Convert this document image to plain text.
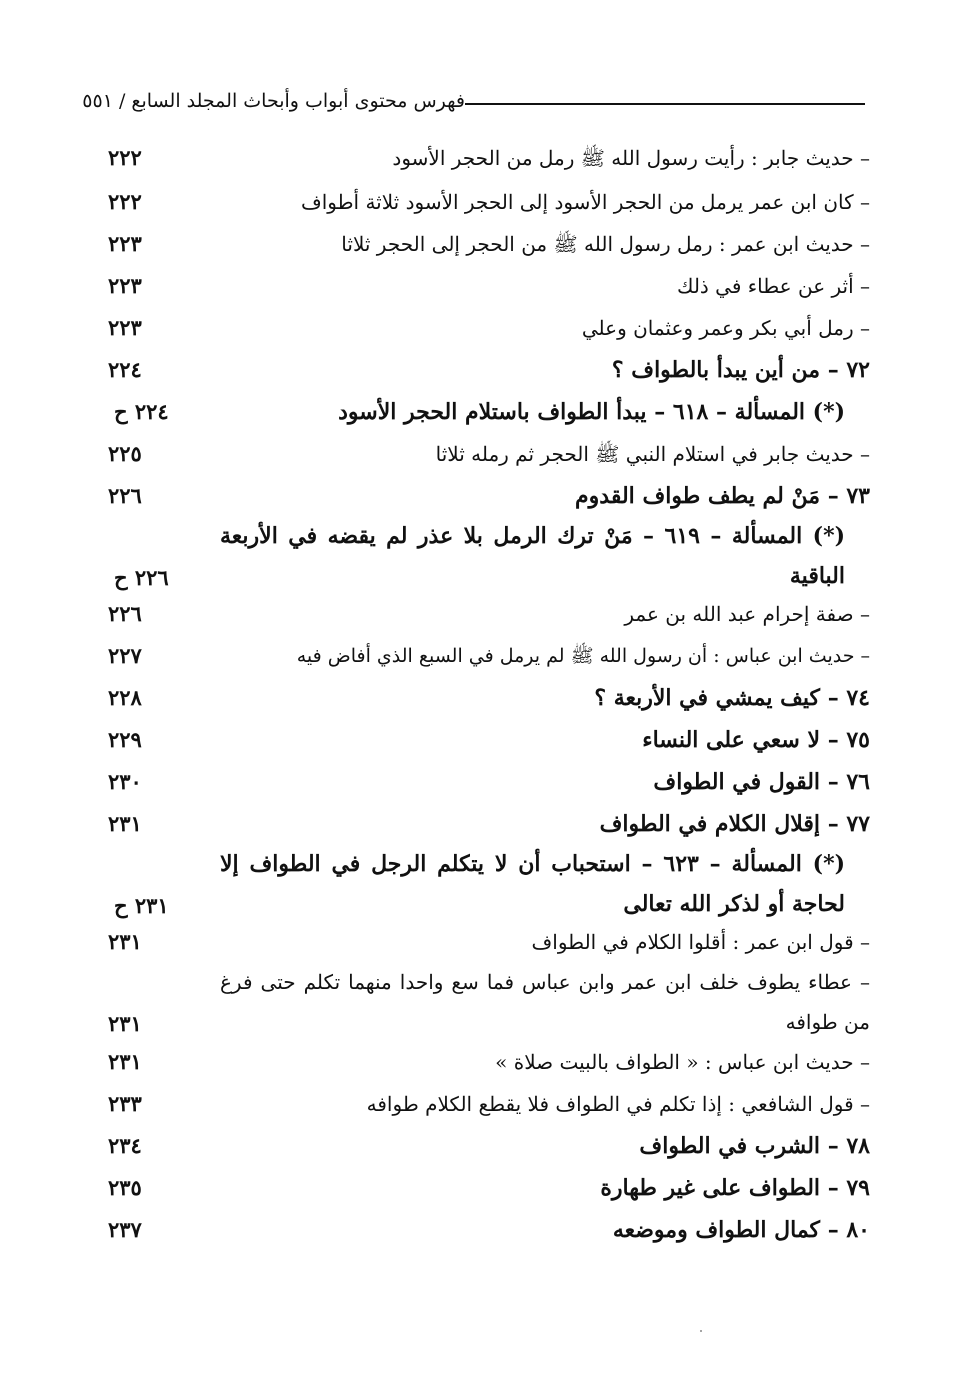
فهرس محتوى أبواب وأبحاث المجلد السابع / ٥٥١
– حديث جابر : رأيت رسول الله ﷺ رمل من الحجر الأسود
٢٢٢
– كان ابن عمر يرمل من الحجر الأسود إلى الحجر الأسود ثلاثة أطواف
٢٢٢
– حديث ابن عمر : رمل رسول الله ﷺ من الحجر إلى الحجر ثلاثا
٢٢٣
– أثر عن عطاء في ذلك
٢٢٣
– رمل أبي بكر وعمر وعثمان وعلي
٢٢٣
٧٢ – من أين يبدأ بالطواف ؟
٢٢٤
(*) المسألة – ٦١٨ – يبدأ الطواف باستلام الحجر الأسود
٢٢٤ ح
– حديث جابر في استلام النبي ﷺ الحجر ثم رمله ثلاثا
٢٢٥
٧٣ – مَنْ لم يطف طواف القدوم
٢٢٦
(*) المسألة – ٦١٩ – مَنْ ترك الرمل بلا عذر لم يقضه في الأربعة الباقية
٢٢٦ ح
– صفة إحرام عبد الله بن عمر
٢٢٦
– حديث ابن عباس : أن رسول الله ﷺ لم يرمل في السبع الذي أفاض فيه
٢٢٧
٧٤ – كيف يمشي في الأربعة ؟
٢٢٨
٧٥ – لا سعي على النساء
٢٢٩
٧٦ – القول في الطواف
٢٣٠
٧٧ – إقلال الكلام في الطواف
٢٣١
(*) المسألة – ٦٢٣ – استحباب أن لا يتكلم الرجل في الطواف إلا لحاجة أو لذكر الله تعالى
٢٣١ ح
– قول ابن عمر : أقلوا الكلام في الطواف
٢٣١
– عطاء يطوف خلف ابن عمر وابن عباس فما سع واحدا منهما تكلم حتى فرغ من طوافه
٢٣١
– حديث ابن عباس : « الطواف بالبيت صلاة »
٢٣١
– قول الشافعي : إذا تكلم في الطواف فلا يقطع الكلام طوافه
٢٣٣
٧٨ – الشرب في الطواف
٢٣٤
٧٩ – الطواف على غير طهارة
٢٣٥
٨٠ – كمال الطواف وموضعه
٢٣٧
